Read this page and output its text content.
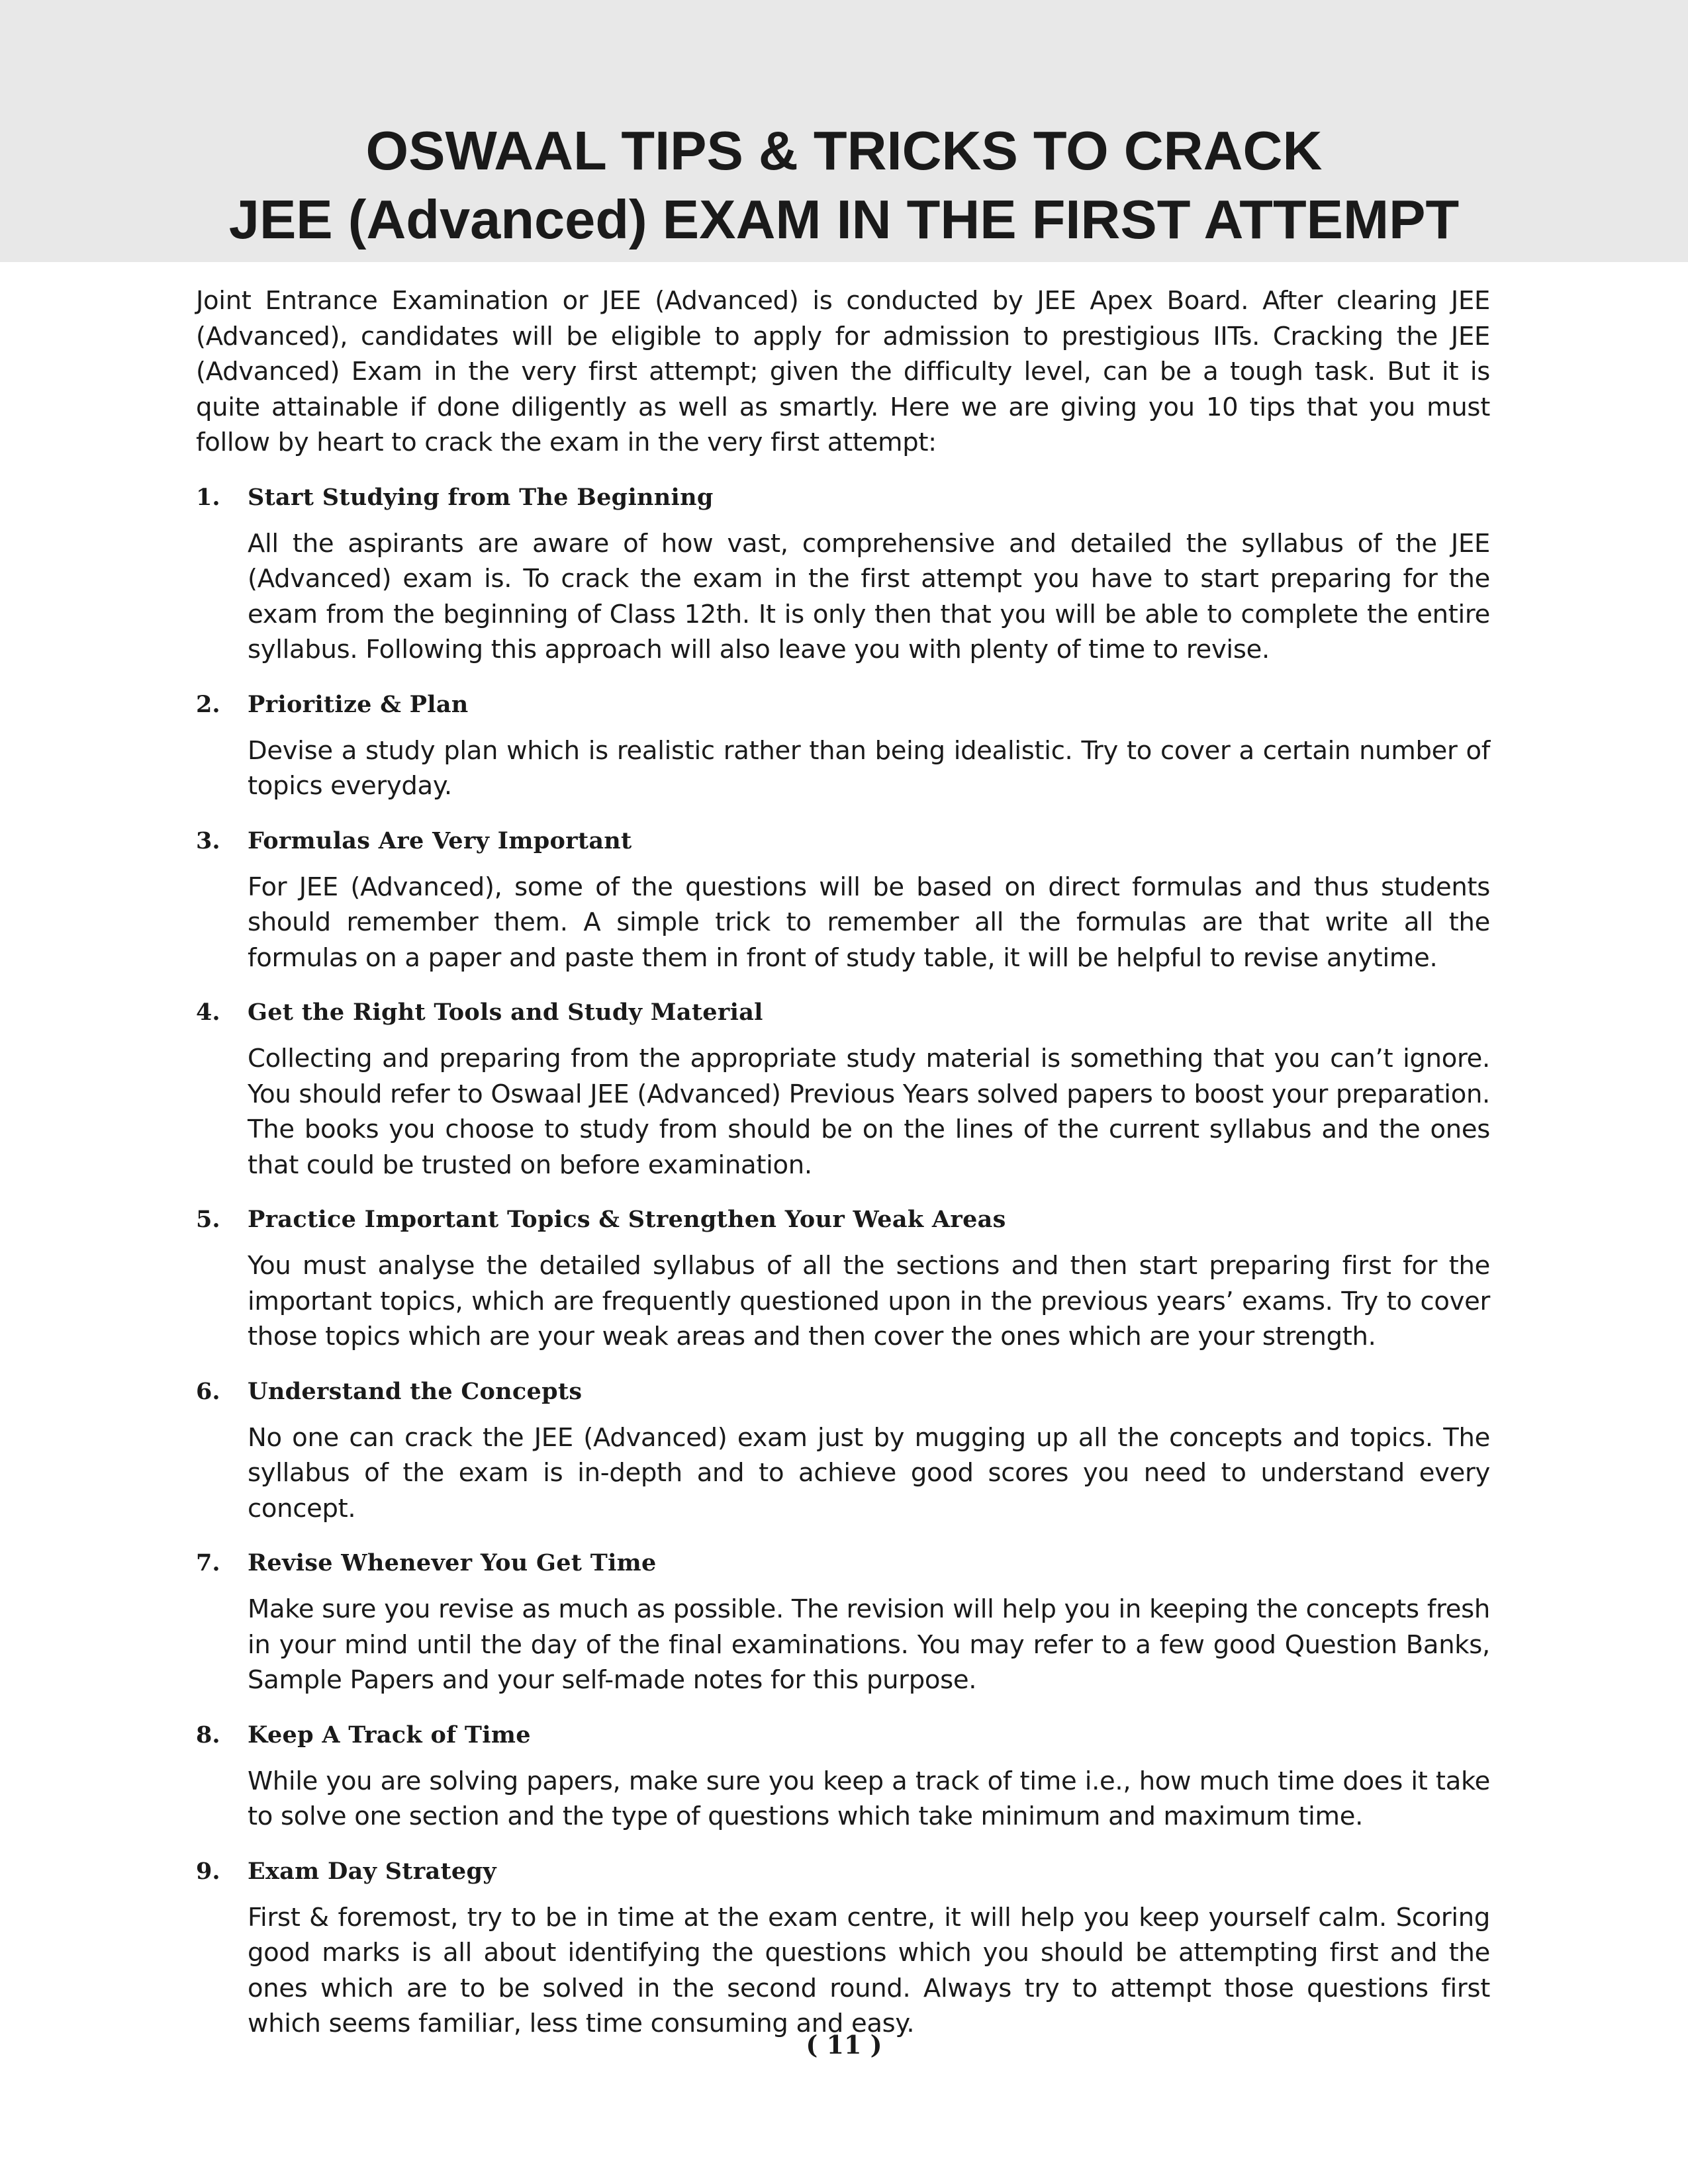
OSWAAL TIPS & TRICKS TO CRACK
JEE (Advanced) EXAM IN THE FIRST ATTEMPT

Joint Entrance Examination or JEE (Advanced) is conducted by JEE Apex Board. After clearing JEE (Advanced), candidates will be eligible to apply for admission to prestigious IITs. Cracking the JEE (Advanced) Exam in the very first attempt; given the difficulty level, can be a tough task. But it is quite attainable if done diligently as well as smartly. Here we are giving you 10 tips that you must follow by heart to crack the exam in the very first attempt:

1. Start Studying from The Beginning

All the aspirants are aware of how vast, comprehensive and detailed the syllabus of the JEE (Advanced) exam is. To crack the exam in the first attempt you have to start preparing for the exam from the beginning of Class 12th. It is only then that you will be able to complete the entire syllabus. Following this approach will also leave you with plenty of time to revise.

2. Prioritize & Plan

Devise a study plan which is realistic rather than being idealistic. Try to cover a certain number of topics everyday.

3. Formulas Are Very Important

For JEE (Advanced), some of the questions will be based on direct formulas and thus students should remember them. A simple trick to remember all the formulas are that write all the formulas on a paper and paste them in front of study table, it will be helpful to revise anytime.

4. Get the Right Tools and Study Material

Collecting and preparing from the appropriate study material is something that you can’t ignore. You should refer to Oswaal JEE (Advanced) Previous Years solved papers to boost your preparation. The books you choose to study from should be on the lines of the current syllabus and the ones that could be trusted on before examination.

5. Practice Important Topics & Strengthen Your Weak Areas

You must analyse the detailed syllabus of all the sections and then start preparing first for the important topics, which are frequently questioned upon in the previous years’ exams. Try to cover those topics which are your weak areas and then cover the ones which are your strength.

6. Understand the Concepts

No one can crack the JEE (Advanced) exam just by mugging up all the concepts and topics. The syllabus of the exam is in-depth and to achieve good scores you need to understand every concept.

7. Revise Whenever You Get Time

Make sure you revise as much as possible. The revision will help you in keeping the concepts fresh in your mind until the day of the final examinations. You may refer to a few good Question Banks, Sample Papers and your self-made notes for this purpose.

8. Keep A Track of Time

While you are solving papers, make sure you keep a track of time i.e., how much time does it take to solve one section and the type of questions which take minimum and maximum time.

9. Exam Day Strategy

First & foremost, try to be in time at the exam centre, it will help you keep yourself calm. Scoring good marks is all about identifying the questions which you should be attempting first and the ones which are to be solved in the second round. Always try to attempt those questions first which seems familiar, less time consuming and easy.

( 11 )
